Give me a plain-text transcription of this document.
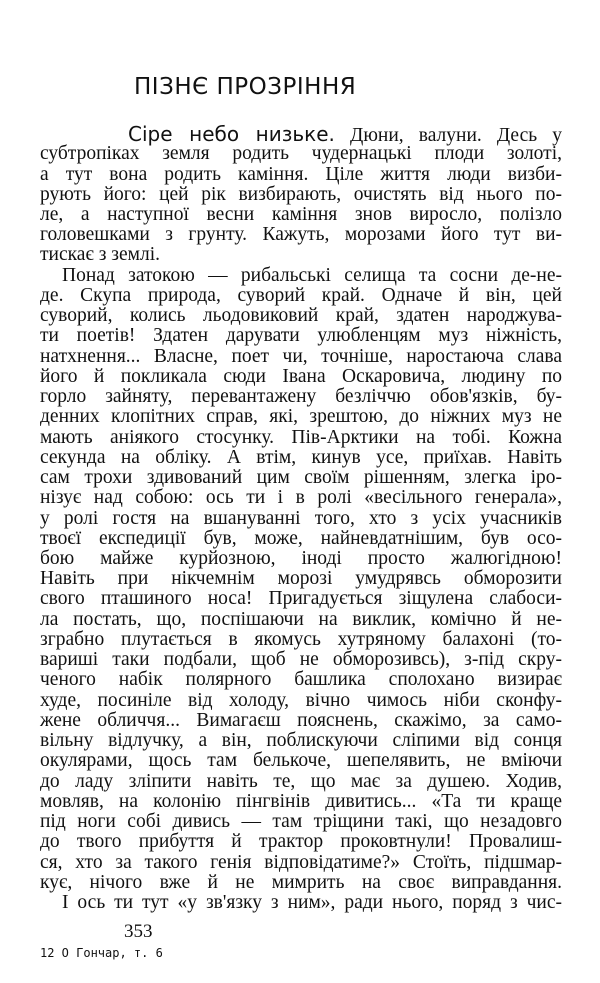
ПІЗНЄ ПРОЗРІННЯ
Сіре небо низьке. Дюни, валуни. Десь у
субтропіках земля родить чудернацькі плоди золоті,
а тут вона родить каміння. Ціле життя люди визби-
рують його: цей рік визбирають, очистять від нього по-
ле, а наступної весни каміння знов виросло, полізло
головешками з грунту. Кажуть, морозами його тут ви-
тискає з землі.
Понад затокою — рибальські селища та сосни де-не-
де. Скупа природа, суворий край. Одначе й він, цей
суворий, колись льодовиковий край, здатен народжува-
ти поетів! Здатен дарувати улюбленцям муз ніжність,
натхнення... Власне, поет чи, точніше, наростаюча слава
його й покликала сюди Івана Оскаровича, людину по
горло зайняту, перевантажену безліччю обов'язків, бу-
денних клопітних справ, які, зрештою, до ніжних муз не
мають аніякого стосунку. Пів-Арктики на тобі. Кожна
секунда на обліку. А втім, кинув усе, приїхав. Навіть
сам трохи здивований цим своїм рішенням, злегка іро-
нізує над собою: ось ти і в ролі «весільного генерала»,
у ролі гостя на вшануванні того, хто з усіх учасників
твоєї експедиції був, може, найневдатнішим, був осо-
бою майже курйозною, іноді просто жалюгідною!
Навіть при нікчемнім морозі умудрявсь обморозити
свого пташиного носа! Пригадується зіщулена слабоси-
ла постать, що, поспішаючи на виклик, комічно й не-
зграбно плутається в якомусь хутряному балахоні (то-
вариші таки подбали, щоб не обморозивсь), з-під скру-
ченого набік полярного башлика сполохано визирає
худе, посиніле від холоду, вічно чимось ніби сконфу-
жене обличчя... Вимагаєш пояснень, скажімо, за само-
вільну відлучку, а він, поблискуючи сліпими від сонця
окулярами, щось там белькоче, шепелявить, не вміючи
до ладу зліпити навіть те, що має за душею. Ходив,
мовляв, на колонію пінгвінів дивитись... «Та ти краще
під ноги собі дивись — там тріщини такі, що незадовго
до твого прибуття й трактор проковтнули! Провалиш-
ся, хто за такого генія відповідатиме?» Стоїть, підшмар-
кує, нічого вже й не мимрить на своє виправдання.
І ось ти тут «у зв'язку з ним», ради нього, поряд з чис-
353
12 О Гончар, т. 6
